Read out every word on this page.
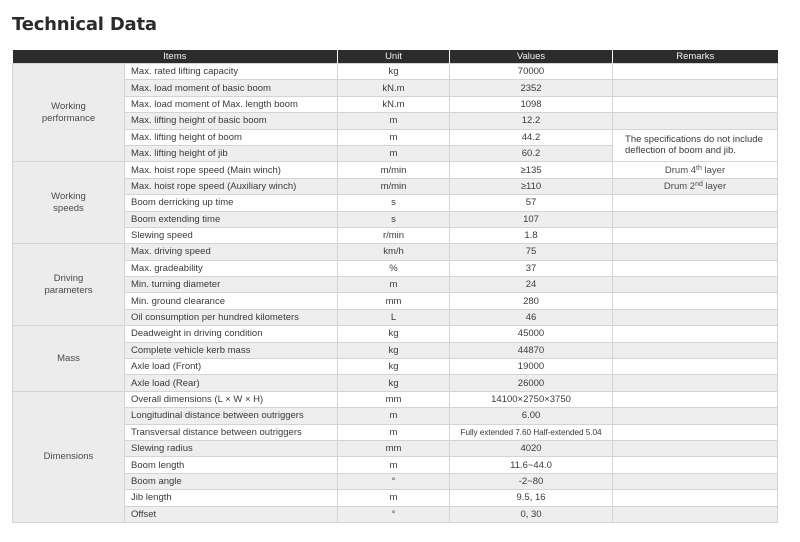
Technical Data
Items		Unit	Values	Remarks
Working
performance	Max. rated lifting capacity	kg	70000	
	Max. load moment of basic boom	kN.m	2352	
	Max. load moment of Max. length boom	kN.m	1098	
	Max. lifting height of basic boom	m	12.2	
	Max. lifting height of boom	m	44.2	The specifications do not include deflection of boom and jib.
	Max. lifting height of jib	m	60.2	
Working
speeds	Max. hoist rope speed (Main winch)	m/min	≥135	Drum 4th layer
	Max. hoist rope speed (Auxiliary winch)	m/min	≥110	Drum 2nd layer
	Boom derricking up time	s	57	
	Boom extending time	s	107	
	Slewing speed	r/min	1.8	
Driving
parameters	Max. driving speed	km/h	75	
	Max. gradeability	%	37	
	Min. turning diameter	m	24	
	Min. ground clearance	mm	280	
	Oil consumption per hundred kilometers	L	46	
Mass	Deadweight in driving condition	kg	45000	
	Complete vehicle kerb mass	kg	44870	
	Axle load (Front)	kg	19000	
	Axle load (Rear)	kg	26000	
Dimensions	Overall dimensions (L × W × H)	mm	14100×2750×3750	
	Longitudinal distance between outriggers	m	6.00	
	Transversal distance between outriggers	m	Fully extended 7.60 Half-extended 5.04	
	Slewing radius	mm	4020	
	Boom length	m	11.6~44.0	
	Boom angle	°	-2~80	
	Jib length	m	9.5, 16	
	Offset	°	0, 30	
